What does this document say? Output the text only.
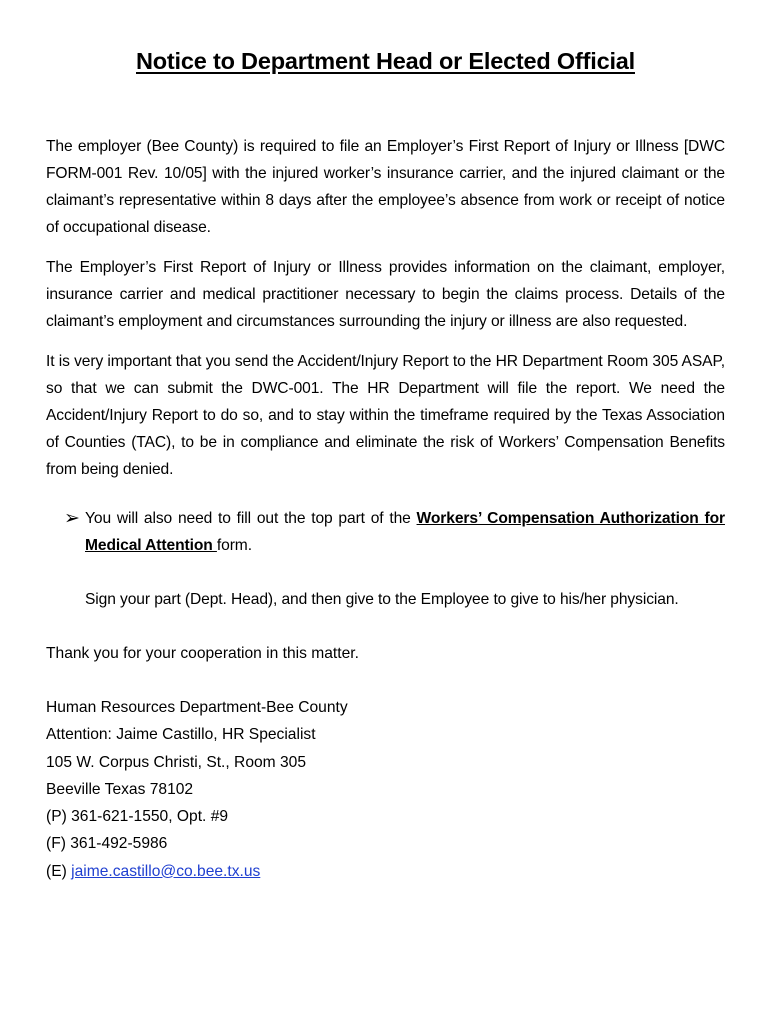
Notice to Department Head or Elected Official

The employer (Bee County) is required to file an Employer’s First Report of Injury or Illness [DWC FORM-001 Rev. 10/05] with the injured worker’s insurance carrier, and the injured claimant or the claimant’s representative within 8 days after the employee’s absence from work or receipt of notice of occupational disease.

The Employer’s First Report of Injury or Illness provides information on the claimant, employer, insurance carrier and medical practitioner necessary to begin the claims process. Details of the claimant’s employment and circumstances surrounding the injury or illness are also requested.

It is very important that you send the Accident/Injury Report to the HR Department Room 305 ASAP, so that we can submit the DWC-001. The HR Department will file the report. We need the Accident/Injury Report to do so, and to stay within the timeframe required by the Texas Association of Counties (TAC), to be in compliance and eliminate the risk of Workers’ Compensation Benefits from being denied.

➢ You will also need to fill out the top part of the Workers’ Compensation Authorization for Medical Attention form.

Sign your part (Dept. Head), and then give to the Employee to give to his/her physician.

Thank you for your cooperation in this matter.

Human Resources Department-Bee County
Attention: Jaime Castillo, HR Specialist
105 W. Corpus Christi, St., Room 305
Beeville Texas 78102
(P) 361-621-1550, Opt. #9
(F) 361-492-5986
(E) jaime.castillo@co.bee.tx.us
